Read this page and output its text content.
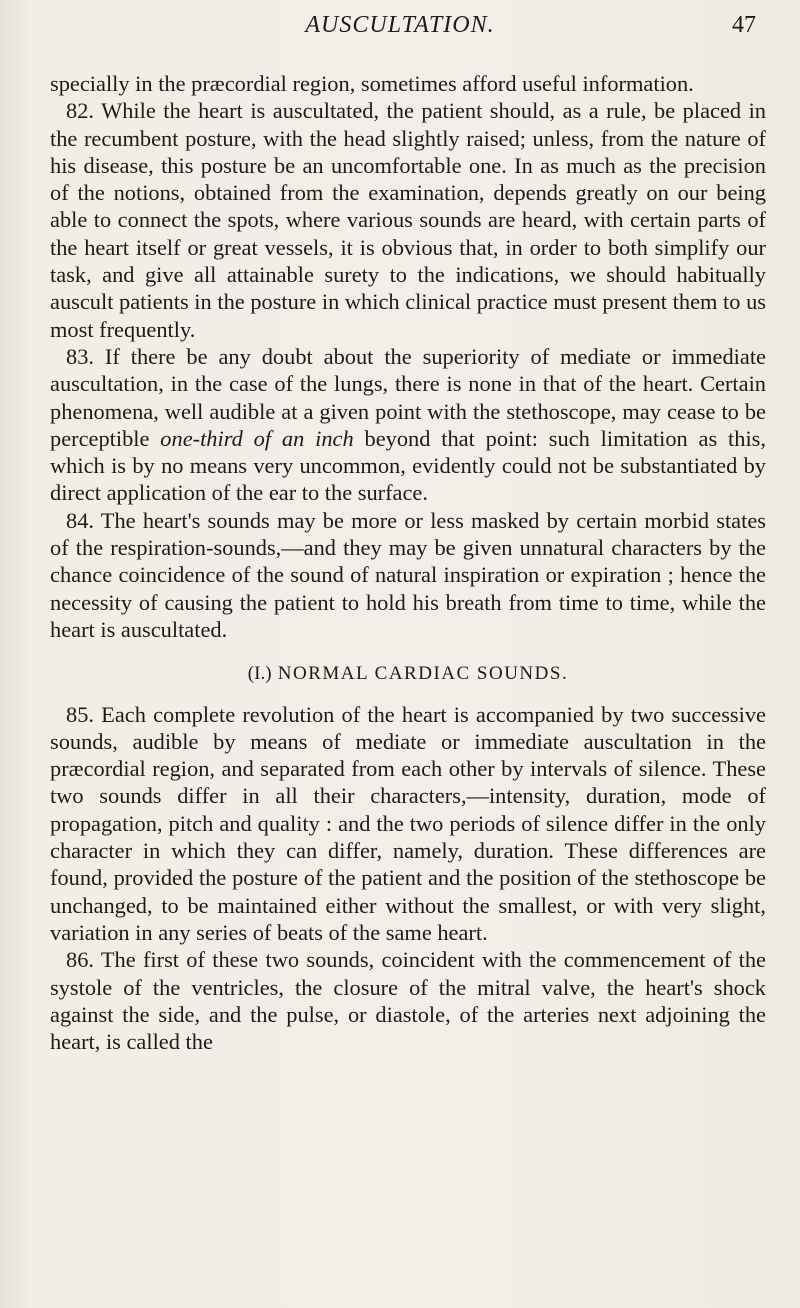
AUSCULTATION.	47

specially in the præcordial region, sometimes afford useful information.

82. While the heart is auscultated, the patient should, as a rule, be placed in the recumbent posture, with the head slightly raised; unless, from the nature of his disease, this posture be an uncomfortable one. In as much as the precision of the notions, obtained from the examination, depends greatly on our being able to connect the spots, where various sounds are heard, with certain parts of the heart itself or great vessels, it is obvious that, in order to both simplify our task, and give all attainable surety to the indications, we should habitually auscult patients in the posture in which clinical practice must present them to us most frequently.

83. If there be any doubt about the superiority of mediate or immediate auscultation, in the case of the lungs, there is none in that of the heart. Certain phenomena, well audible at a given point with the stethoscope, may cease to be perceptible one-third of an inch beyond that point: such limitation as this, which is by no means very uncommon, evidently could not be substantiated by direct application of the ear to the surface.

84. The heart's sounds may be more or less masked by certain morbid states of the respiration-sounds,—and they may be given unnatural characters by the chance coincidence of the sound of natural inspiration or expiration ; hence the necessity of causing the patient to hold his breath from time to time, while the heart is auscultated.

(I.) NORMAL CARDIAC SOUNDS.

85. Each complete revolution of the heart is accompanied by two successive sounds, audible by means of mediate or immediate auscultation in the præcordial region, and separated from each other by intervals of silence. These two sounds differ in all their characters,—intensity, duration, mode of propagation, pitch and quality : and the two periods of silence differ in the only character in which they can differ, namely, duration. These differences are found, provided the posture of the patient and the position of the stethoscope be unchanged, to be maintained either without the smallest, or with very slight, variation in any series of beats of the same heart.

86. The first of these two sounds, coincident with the commencement of the systole of the ventricles, the closure of the mitral valve, the heart's shock against the side, and the pulse, or diastole, of the arteries next adjoining the heart, is called the
